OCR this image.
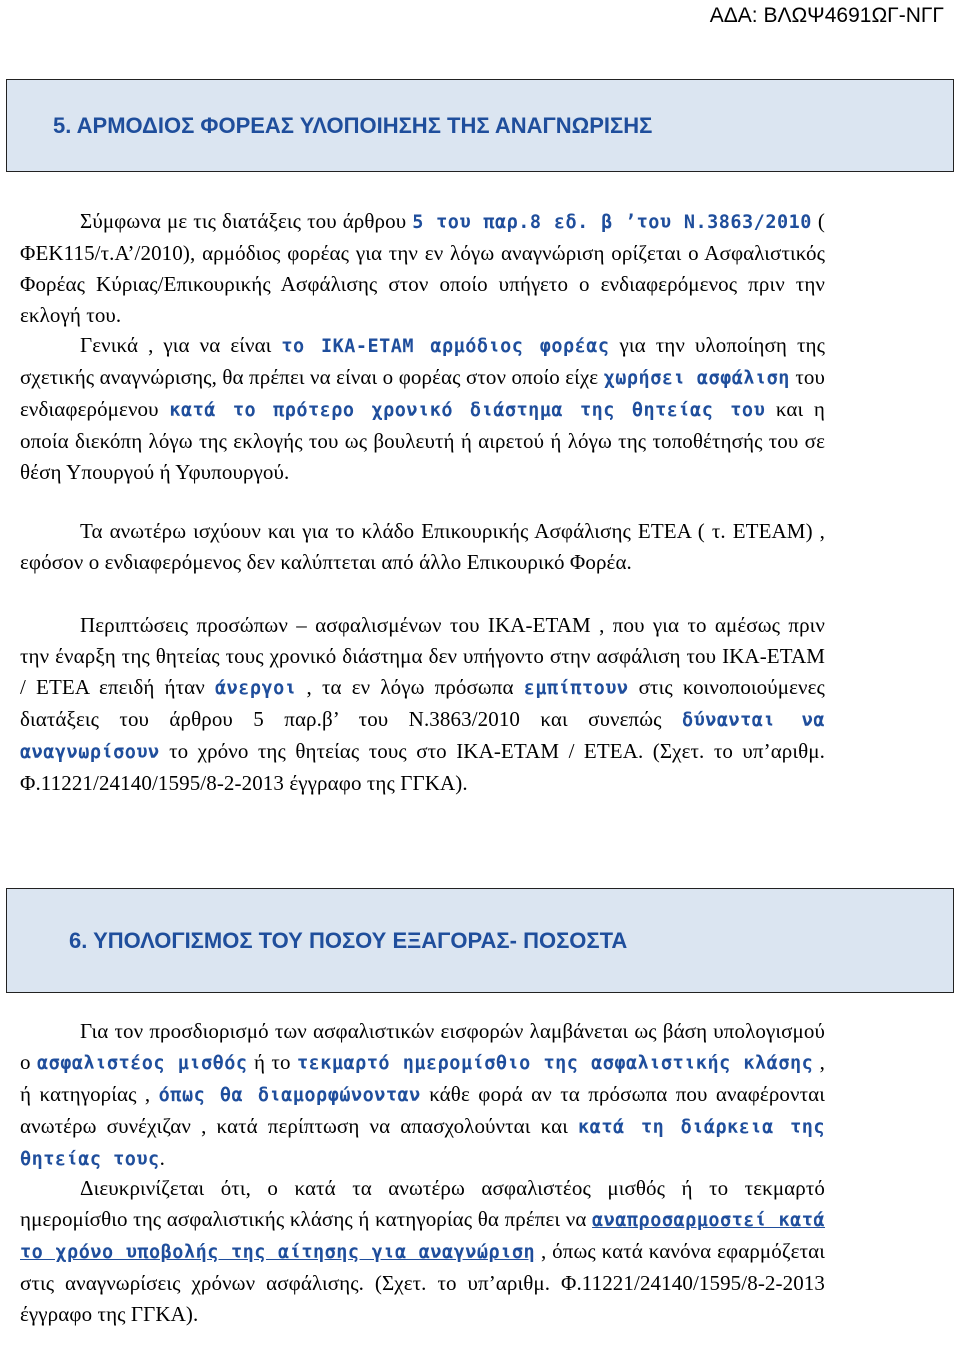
ΑΔΑ: ΒΛΩΨ4691ΩΓ-ΝΓΓ
5. ΑΡΜΟΔΙΟΣ ΦΟΡΕΑΣ ΥΛΟΠΟΙΗΣΗΣ ΤΗΣ ΑΝΑΓΝΩΡΙΣΗΣ

Σύμφωνα με τις διατάξεις του άρθρου 5 του παρ.8 εδ. β ’του Ν.3863/2010 ( ΦΕΚ115/τ.Α’/2010), αρμόδιος φορέας για την εν λόγω αναγνώριση ορίζεται ο Ασφαλιστικός Φορέας Κύριας/Επικουρικής Ασφάλισης στον οποίο υπήγετο ο ενδιαφερόμενος πριν την εκλογή του.

Γενικά , για να είναι το ΙΚΑ-ΕΤΑΜ αρμόδιος φορέας για την υλοποίηση της σχετικής αναγνώρισης, θα πρέπει να είναι ο φορέας στον οποίο είχε χωρήσει ασφάλιση του ενδιαφερόμενου κατά το πρότερο χρονικό διάστημα της θητείας του και η οποία διεκόπη λόγω της εκλογής του ως βουλευτή ή αιρετού ή λόγω της τοποθέτησής του σε θέση Υπουργού ή Υφυπουργού.

Τα ανωτέρω ισχύουν και για το κλάδο Επικουρικής Ασφάλισης ΕΤΕΑ ( τ. ΕΤΕΑΜ) , εφόσον ο ενδιαφερόμενος δεν καλύπτεται από άλλο Επικουρικό Φορέα.

Περιπτώσεις προσώπων – ασφαλισμένων του ΙΚΑ-ΕΤΑΜ , που για το αμέσως πριν την έναρξη της θητείας τους χρονικό διάστημα δεν υπήγοντο στην ασφάλιση του ΙΚΑ-ΕΤΑΜ / ΕΤΕΑ επειδή ήταν άνεργοι , τα εν λόγω πρόσωπα εμπίπτουν στις κοινοποιούμενες διατάξεις του άρθρου 5 παρ.β’ του Ν.3863/2010 και συνεπώς δύνανται να αναγνωρίσουν το χρόνο της θητείας τους στο ΙΚΑ-ΕΤΑΜ / ΕΤΕΑ. (Σχετ. το υπ’αριθμ. Φ.11221/24140/1595/8-2-2013 έγγραφο της ΓΓΚΑ).

6. ΥΠΟΛΟΓΙΣΜΟΣ ΤΟΥ ΠΟΣΟΥ ΕΞΑΓΟΡΑΣ- ΠΟΣΟΣΤΑ

Για τον προσδιορισμό των ασφαλιστικών εισφορών λαμβάνεται ως βάση υπολογισμού ο ασφαλιστέος μισθός ή το τεκμαρτό ημερομίσθιο της ασφαλιστικής κλάσης , ή κατηγορίας , όπως θα διαμορφώνονταν κάθε φορά αν τα πρόσωπα που αναφέρονται ανωτέρω συνέχιζαν , κατά περίπτωση να απασχολούνται και κατά τη διάρκεια της θητείας τους.

Διευκρινίζεται ότι, ο κατά τα ανωτέρω ασφαλιστέος μισθός ή το τεκμαρτό ημερομίσθιο της ασφαλιστικής κλάσης ή κατηγορίας θα πρέπει να αναπροσαρμοστεί κατά το χρόνο υποβολής της αίτησης για αναγνώριση , όπως κατά κανόνα εφαρμόζεται στις αναγνωρίσεις χρόνων ασφάλισης. (Σχετ. το υπ’αριθμ. Φ.11221/24140/1595/8-2-2013 έγγραφο της ΓΓΚΑ).
